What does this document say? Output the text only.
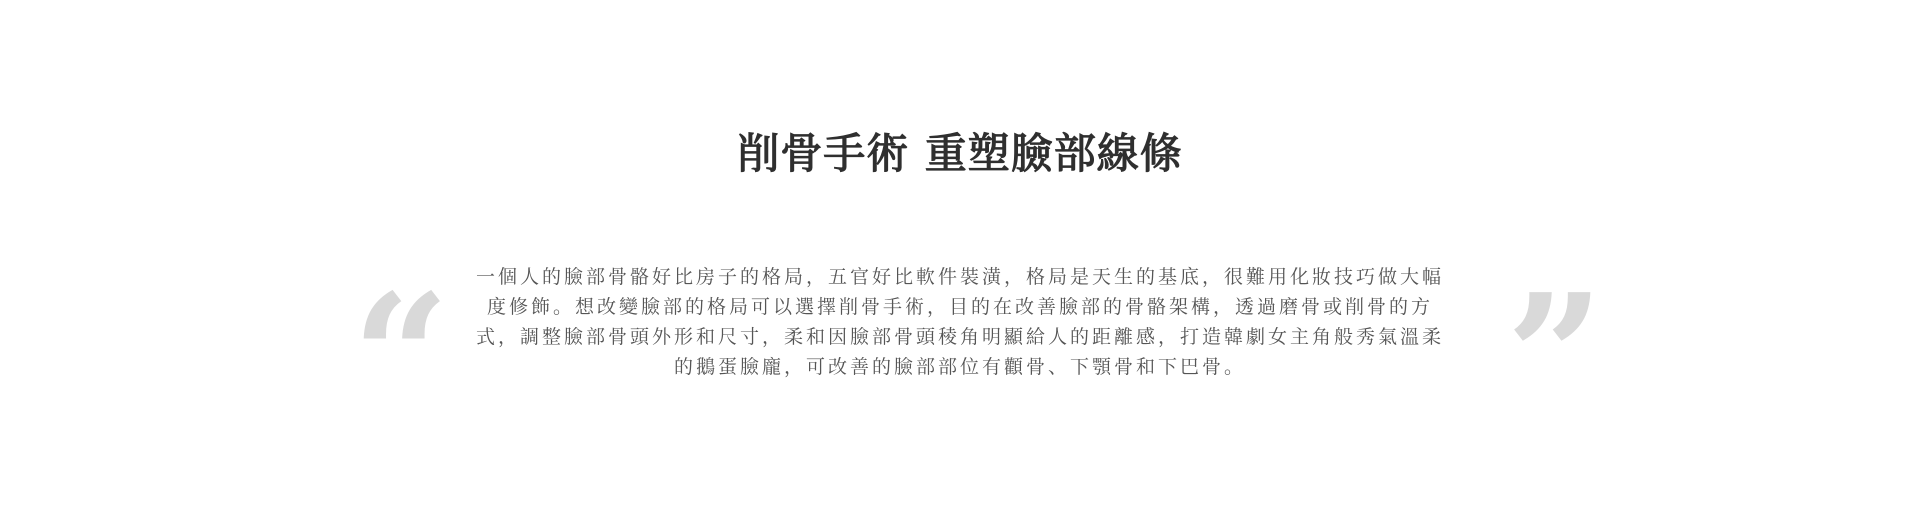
削骨手術 重塑臉部線條
“	一個人的臉部骨骼好比房子的格局，五官好比軟件裝潢，格局是天生的基底，很難用化妝技巧做大幅度修飾。想改變臉部的格局可以選擇削骨手術，目的在改善臉部的骨骼架構，透過磨骨或削骨的方式，調整臉部骨頭外形和尺寸，柔和因臉部骨頭稜角明顯給人的距離感，打造韓劇女主角般秀氣溫柔的鵝蛋臉龐，可改善的臉部部位有顴骨、下顎骨和下巴骨。	”
